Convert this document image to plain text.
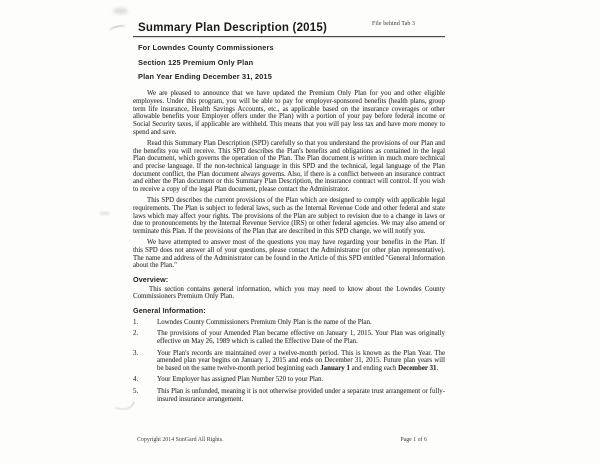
File behind Tab 3
Summary Plan Description (2015)
For Lowndes County Commissioners
Section 125 Premium Only Plan
Plan Year Ending December 31, 2015

We are pleased to announce that we have updated the Premium Only Plan for you and other eligible employees. Under this program, you will be able to pay for employer-sponsored benefits (health plans, group term life insurance, Health Savings Accounts, etc., as applicable based on the insurance coverages or other allowable benefits your Employer offers under the Plan) with a portion of your pay before federal income or Social Security taxes, if applicable are withheld. This means that you will pay less tax and have more money to spend and save.

Read this Summary Plan Description (SPD) carefully so that you understand the provisions of our Plan and the benefits you will receive. This SPD describes the Plan's benefits and obligations as contained in the legal Plan document, which governs the operation of the Plan. The Plan document is written in much more technical and precise language. If the non-technical language in this SPD and the technical, legal language of the Plan document conflict, the Plan document always governs. Also, if there is a conflict between an insurance contract and either the Plan document or this Summary Plan Description, the insurance contract will control. If you wish to receive a copy of the legal Plan document, please contact the Administrator.

This SPD describes the current provisions of the Plan which are designed to comply with applicable legal requirements. The Plan is subject to federal laws, such as the Internal Revenue Code and other federal and state laws which may affect your rights. The provisions of the Plan are subject to revision due to a change in laws or due to pronouncements by the Internal Revenue Service (IRS) or other federal agencies. We may also amend or terminate this Plan. If the provisions of the Plan that are described in this SPD change, we will notify you.

We have attempted to answer most of the questions you may have regarding your benefits in the Plan. If this SPD does not answer all of your questions, please contact the Administrator (or other plan representative). The name and address of the Administrator can be found in the Article of this SPD entitled "General Information about the Plan."

Overview:

This section contains general information, which you may need to know about the Lowndes County Commissioners Premium Only Plan.

General Information:
1.	Lowndes County Commissioners Premium Only Plan is the name of the Plan.
2.	The provisions of your Amended Plan became effective on January 1, 2015. Your Plan was originally effective on May 26, 1989 which is called the Effective Date of the Plan.
3.	Your Plan's records are maintained over a twelve-month period. This is known as the Plan Year. The amended plan year begins on January 1, 2015 and ends on December 31, 2015. Future plan years will be based on the same twelve-month period beginning each January 1 and ending each December 31.
4.	Your Employer has assigned Plan Number 520 to your Plan.
5.	This Plan is unfunded, meaning it is not otherwise provided under a separate trust arrangement or fully-insured insurance arrangement.
Copyright 2014 SunGard All Rights.	Page 1 of 6
